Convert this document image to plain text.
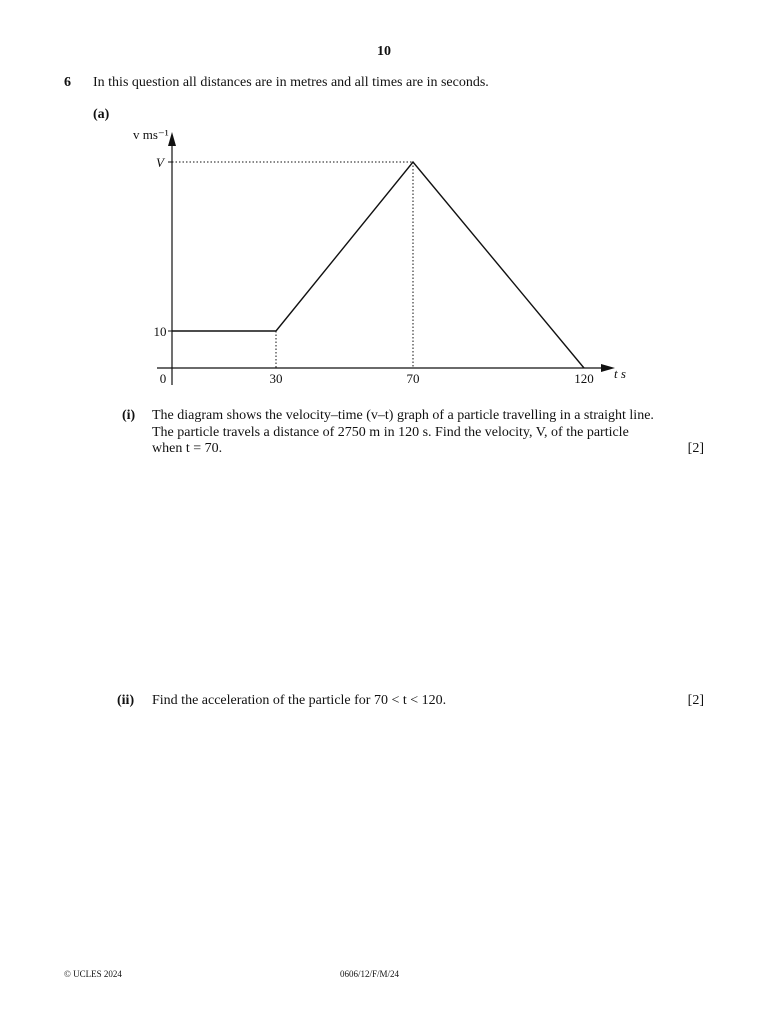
10
6 In this question all distances are in metres and all times are in seconds.
(a)
v ms⁻¹
V
10
0	30	70	120 t s
(i) The diagram shows the velocity–time (v–t) graph of a particle travelling in a straight line.
The particle travels a distance of 2750 m in 120 s. Find the velocity, V, of the particle
when t = 70.	[2]
(ii) Find the acceleration of the particle for 70 < t < 120.	[2]
© UCLES 2024	0606/12/F/M/24
